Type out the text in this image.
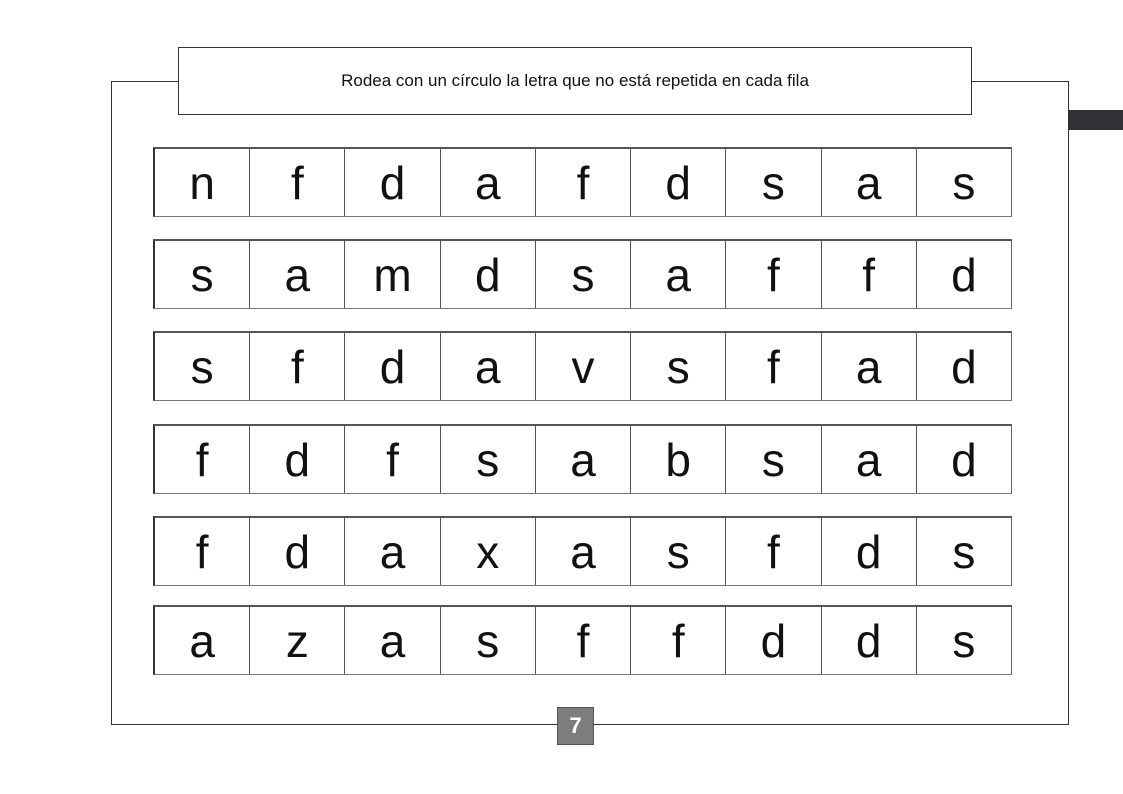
Rodea con un círculo la letra que no está repetida en cada fila
n	f	d	a	f	d	s	a	s
s	a	m	d	s	a	f	f	d
s	f	d	a	v	s	f	a	d
f	d	f	s	a	b	s	a	d
f	d	a	x	a	s	f	d	s
a	z	a	s	f	f	d	d	s
7
